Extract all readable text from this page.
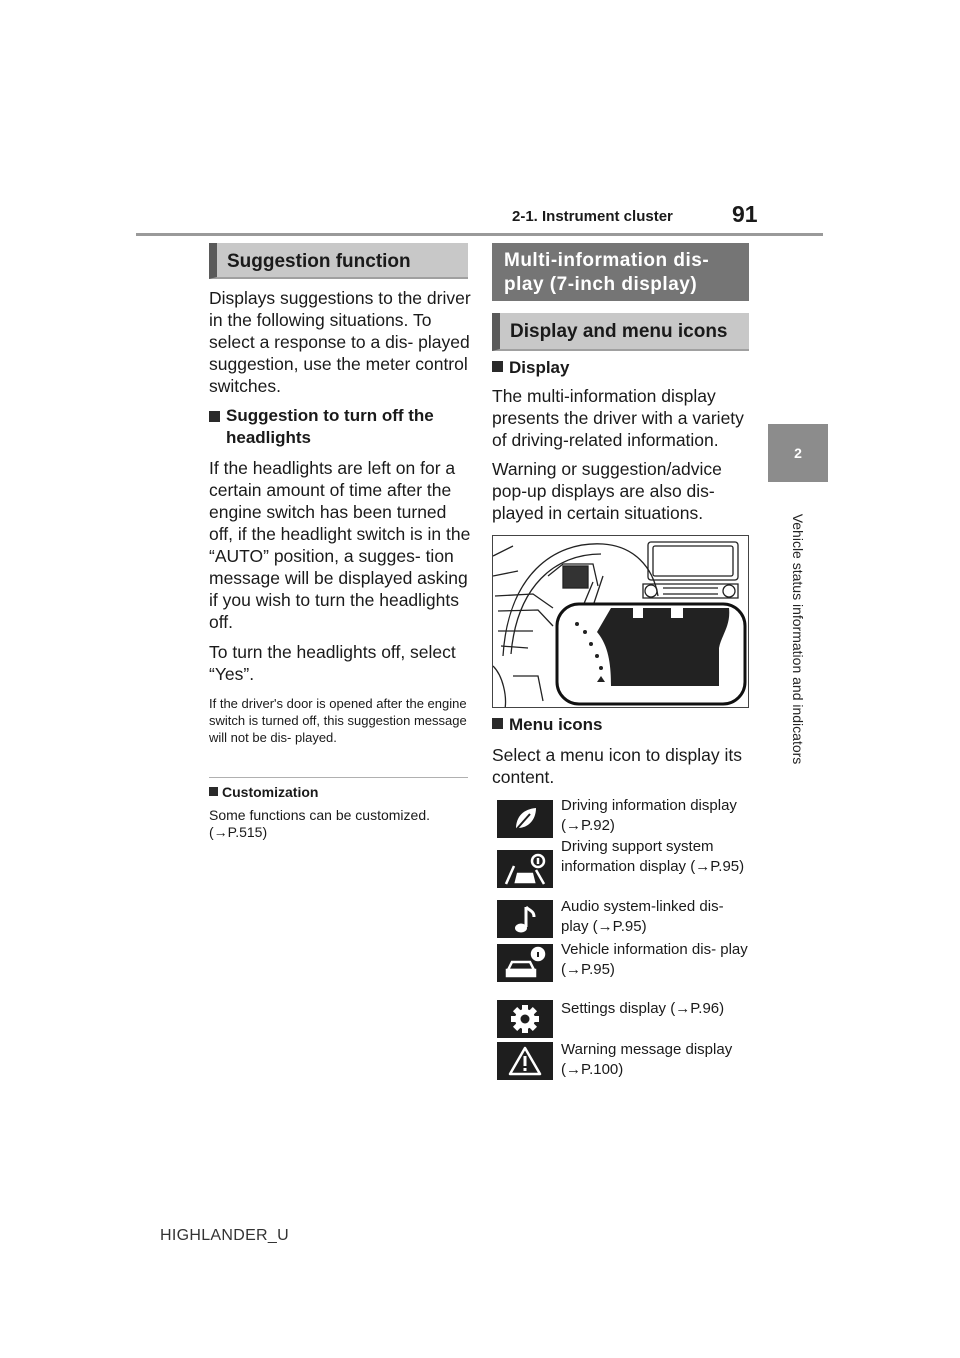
2-1. Instrument cluster	91
2
Vehicle status information and indicators
Suggestion function

Displays suggestions to the driver in the following situations. To select a response to a dis- played suggestion, use the meter control switches.

Suggestion to turn off the headlights

If the headlights are left on for a certain amount of time after the engine switch has been turned off, if the headlight switch is in the “AUTO” position, a sugges- tion message will be displayed asking if you wish to turn the headlights off.

To turn the headlights off, select “Yes”.

If the driver's door is opened after the engine switch is turned off, this suggestion message will not be dis- played.

Customization

Some functions can be customized. (→P.515)

Multi-information dis- play (7-inch display)
Display and menu icons
Display

The multi-information display presents the driver with a variety of driving-related information.

Warning or suggestion/advice pop-up displays are also dis- played in certain situations.

Menu icons

Select a menu icon to display its content.

Driving information display (→P.92)
Driving support system information display (→P.95)
Audio system-linked dis- play (→P.95)
Vehicle information dis- play (→P.95)
Settings display (→P.96)
Warning message display (→P.100)
HIGHLANDER_U
